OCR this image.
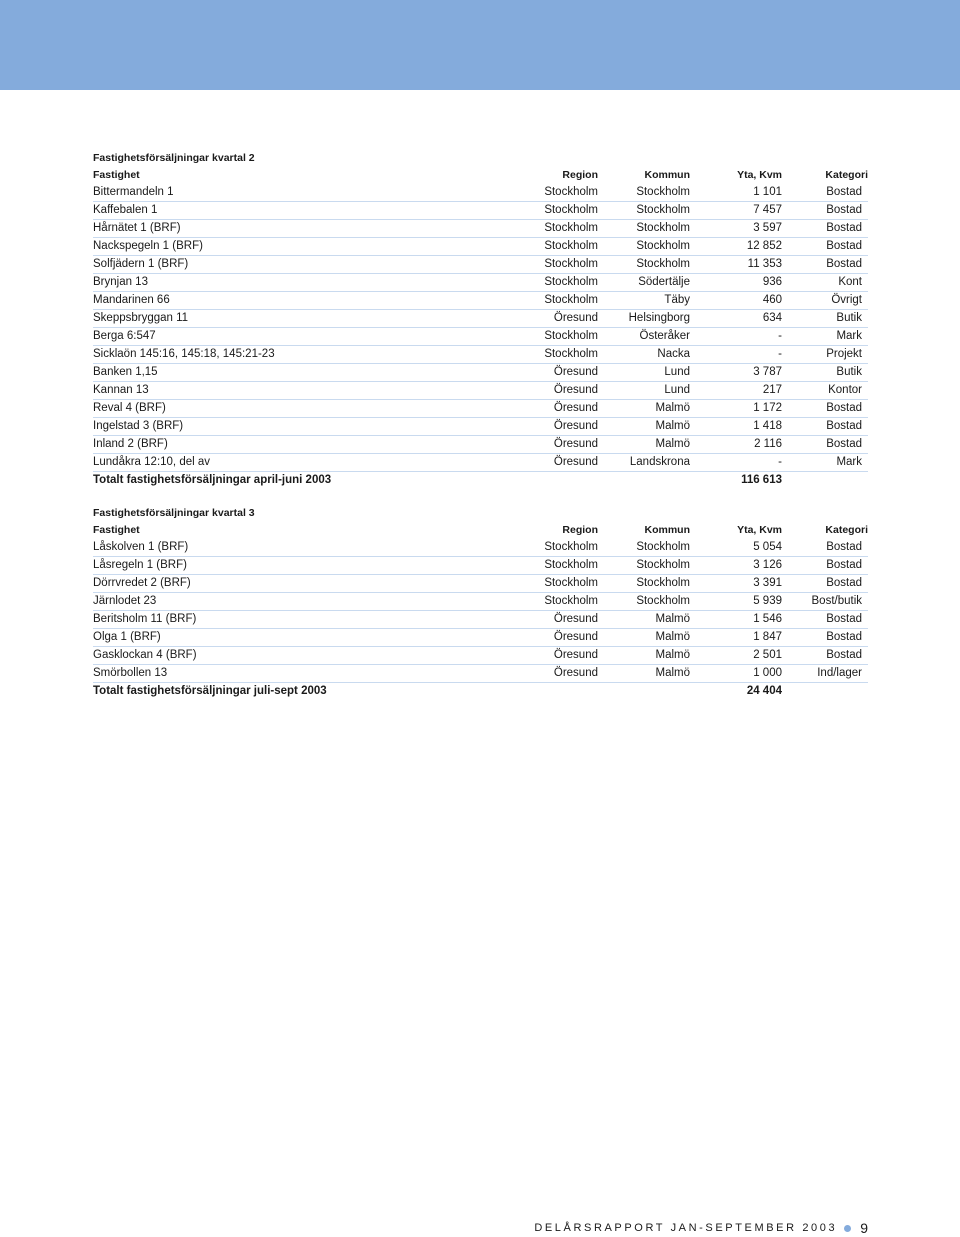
Fastighetsförsäljningar kvartal 2
Fastighet	Region	Kommun	Yta, Kvm	Kategori
Bittermandeln 1	Stockholm	Stockholm	1 101	Bostad
Kaffebalen 1	Stockholm	Stockholm	7 457	Bostad
Hårnätet 1 (BRF)	Stockholm	Stockholm	3 597	Bostad
Nackspegeln 1 (BRF)	Stockholm	Stockholm	12 852	Bostad
Solfjädern 1 (BRF)	Stockholm	Stockholm	11 353	Bostad
Brynjan 13	Stockholm	Södertälje	936	Kont
Mandarinen 66	Stockholm	Täby	460	Övrigt
Skeppsbryggan 11	Öresund	Helsingborg	634	Butik
Berga 6:547	Stockholm	Österåker	-	Mark
Sicklaön 145:16, 145:18, 145:21-23	Stockholm	Nacka	-	Projekt
Banken 1,15	Öresund	Lund	3 787	Butik
Kannan 13	Öresund	Lund	217	Kontor
Reval 4 (BRF)	Öresund	Malmö	1 172	Bostad
Ingelstad 3 (BRF)	Öresund	Malmö	1 418	Bostad
Inland 2 (BRF)	Öresund	Malmö	2 116	Bostad
Lundåkra 12:10, del av	Öresund	Landskrona	-	Mark
Totalt fastighetsförsäljningar april-juni 2003			116 613	
Fastighetsförsäljningar kvartal 3
Fastighet	Region	Kommun	Yta, Kvm	Kategori
Låskolven 1 (BRF)	Stockholm	Stockholm	5 054	Bostad
Låsregeln 1 (BRF)	Stockholm	Stockholm	3 126	Bostad
Dörrvredet 2 (BRF)	Stockholm	Stockholm	3 391	Bostad
Järnlodet 23	Stockholm	Stockholm	5 939	Bost/butik
Beritsholm 11 (BRF)	Öresund	Malmö	1 546	Bostad
Olga 1 (BRF)	Öresund	Malmö	1 847	Bostad
Gasklockan 4 (BRF)	Öresund	Malmö	2 501	Bostad
Smörbollen 13	Öresund	Malmö	1 000	Ind/lager
Totalt fastighetsförsäljningar juli-sept 2003			24 404	
DELÅRSRAPPORT JAN-SEPTEMBER 2003 9
